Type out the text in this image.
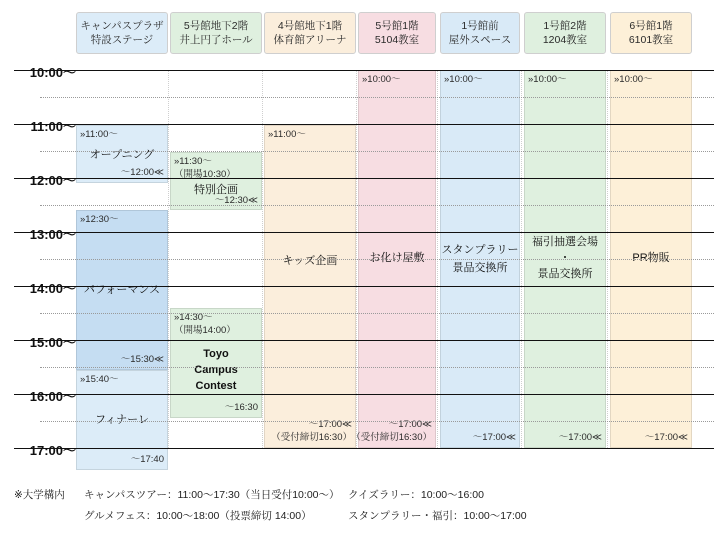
キャンパスプラザ
特設ステージ
5号館地下2階
井上円了ホール
4号館地下1階
体育館アリーナ
5号館1階
5104教室
1号館前
屋外スペース
1号館2階
1204教室
6号館1階
6101教室
»11:00～
オープニング
～12:00≪
»12:30～
パフォーマンス
～15:30≪
»15:40～
フィナーレ
～17:40
»11:30～
（開場10:30）
特別企画
～12:30≪
»14:30～
（開場14:00）
Toyo
Campus
Contest
～16:30
»11:00～
キッズ企画
～17:00≪
（受付締切16:30）
»10:00～
お化け屋敷
～17:00≪
（受付締切16:30）
»10:00～
スタンプラリー
景品交換所
～17:00≪
»10:00～
福引抽選会場
・
景品交換所
～17:00≪
»10:00～
PR物販
～17:00≪
10:00～
11:00～
12:00～
13:00～
14:00～
15:00～
16:00～
17:00～
※大学構内 キャンパスツアー：11:00～17:30（当日受付10:00～）
グルメフェス：10:00～18:00（投票締切 14:00）
クイズラリー：10:00～16:00
スタンプラリー・福引：10:00～17:00
